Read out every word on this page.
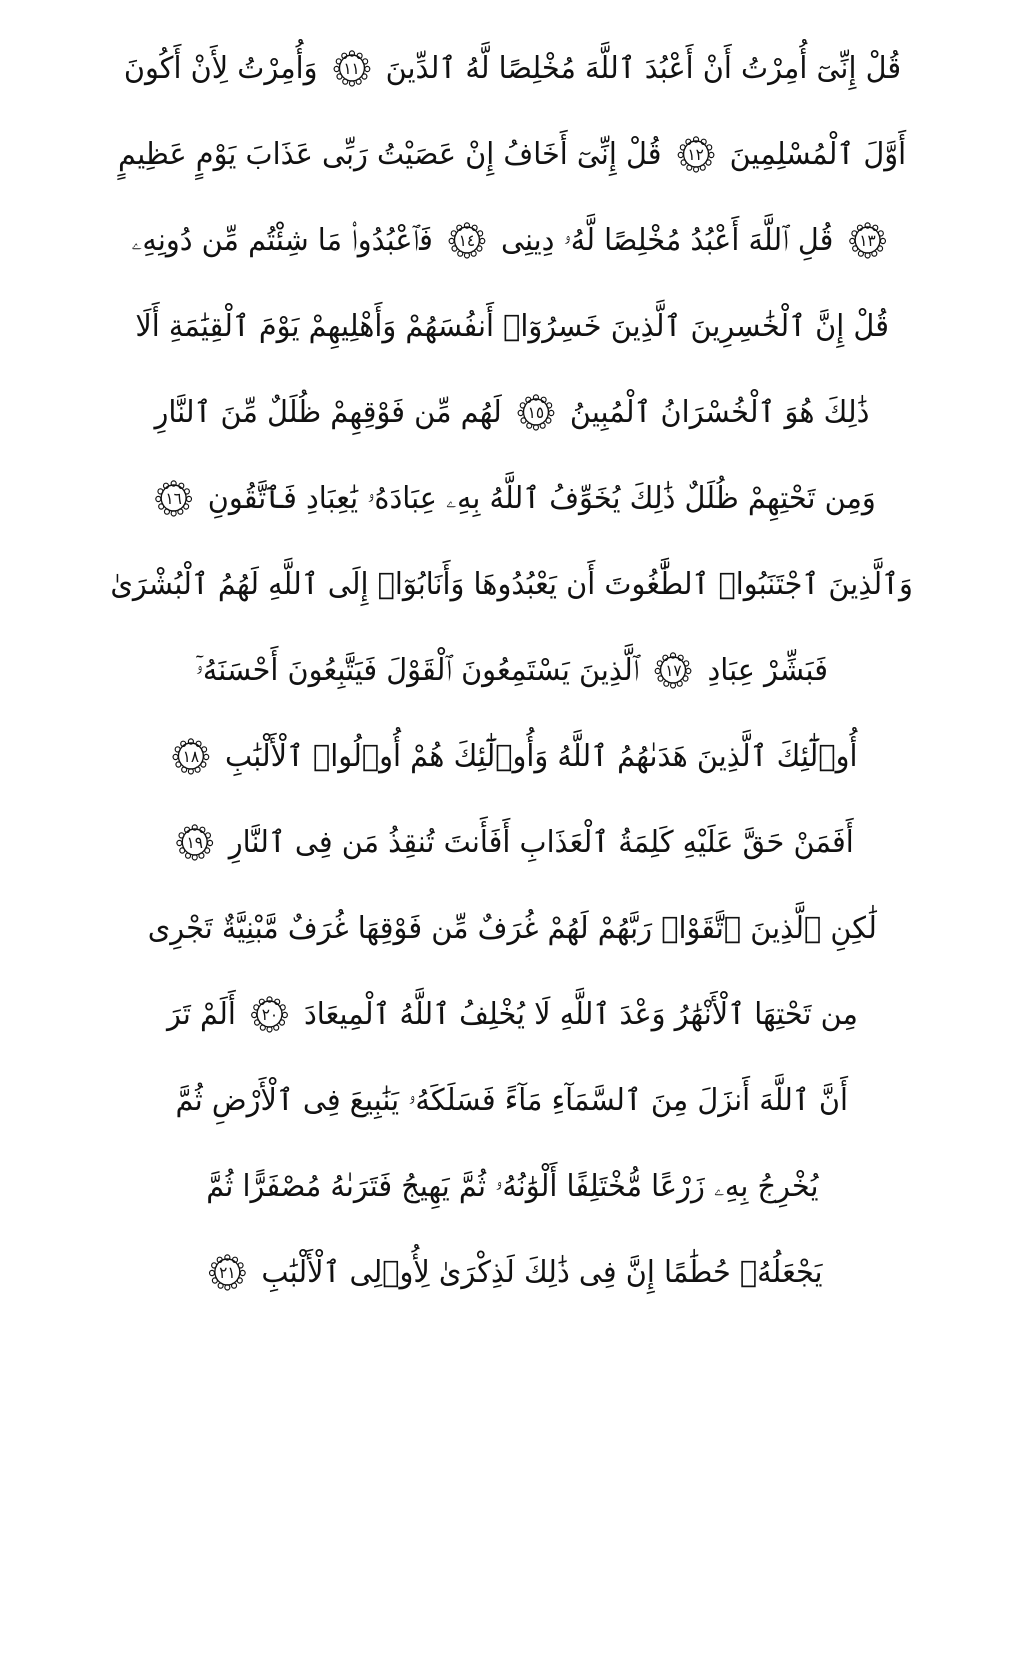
قُلْ إِنِّىٓ أُمِرْتُ أَنْ أَعْبُدَ ٱللَّهَ مُخْلِصًا لَّهُ ٱلدِّينَ
١١
وَأُمِرْتُ لِأَنْ أَكُونَ
أَوَّلَ ٱلْمُسْلِمِينَ
١٢
قُلْ إِنِّىٓ أَخَافُ إِنْ عَصَيْتُ رَبِّى عَذَابَ يَوْمٍ عَظِيمٍ
١٣
قُلِ ٱللَّهَ أَعْبُدُ مُخْلِصًا لَّهُۥ دِينِى
١٤
فَٱعْبُدُوا۟ مَا شِئْتُم مِّن دُونِهِۦ
قُلْ إِنَّ ٱلْخَٰسِرِينَ ٱلَّذِينَ خَسِرُوٓا۟ أَنفُسَهُمْ وَأَهْلِيهِمْ يَوْمَ ٱلْقِيَٰمَةِ أَلَا
ذَٰلِكَ هُوَ ٱلْخُسْرَانُ ٱلْمُبِينُ
١٥
لَهُم مِّن فَوْقِهِمْ ظُلَلٌ مِّنَ ٱلنَّارِ
وَمِن تَحْتِهِمْ ظُلَلٌ ذَٰلِكَ يُخَوِّفُ ٱللَّهُ بِهِۦ عِبَادَهُۥ يَٰعِبَادِ فَٱتَّقُونِ
١٦
وَٱلَّذِينَ ٱجْتَنَبُوا۟ ٱلطَّٰغُوتَ أَن يَعْبُدُوهَا وَأَنَابُوٓا۟ إِلَى ٱللَّهِ لَهُمُ ٱلْبُشْرَىٰ
فَبَشِّرْ عِبَادِ
١٧
ٱلَّذِينَ يَسْتَمِعُونَ ٱلْقَوْلَ فَيَتَّبِعُونَ أَحْسَنَهُۥٓ
أُو۟لَٰٓئِكَ ٱلَّذِينَ هَدَىٰهُمُ ٱللَّهُ وَأُو۟لَٰٓئِكَ هُمْ أُو۟لُوا۟ ٱلْأَلْبَٰبِ
١٨
أَفَمَنْ حَقَّ عَلَيْهِ كَلِمَةُ ٱلْعَذَابِ أَفَأَنتَ تُنقِذُ مَن فِى ٱلنَّارِ
١٩
لَٰكِنِ ٱلَّذِينَ ٱتَّقَوْا۟ رَبَّهُمْ لَهُمْ غُرَفٌ مِّن فَوْقِهَا غُرَفٌ مَّبْنِيَّةٌ تَجْرِى
مِن تَحْتِهَا ٱلْأَنْهَٰرُ وَعْدَ ٱللَّهِ لَا يُخْلِفُ ٱللَّهُ ٱلْمِيعَادَ
٢٠
أَلَمْ تَرَ
أَنَّ ٱللَّهَ أَنزَلَ مِنَ ٱلسَّمَآءِ مَآءً فَسَلَكَهُۥ يَنَٰبِيعَ فِى ٱلْأَرْضِ ثُمَّ
يُخْرِجُ بِهِۦ زَرْعًا مُّخْتَلِفًا أَلْوَٰنُهُۥ ثُمَّ يَهِيجُ فَتَرَىٰهُ مُصْفَرًّا ثُمَّ
يَجْعَلُهُۥ حُطَٰمًا إِنَّ فِى ذَٰلِكَ لَذِكْرَىٰ لِأُو۟لِى ٱلْأَلْبَٰبِ
٢١
